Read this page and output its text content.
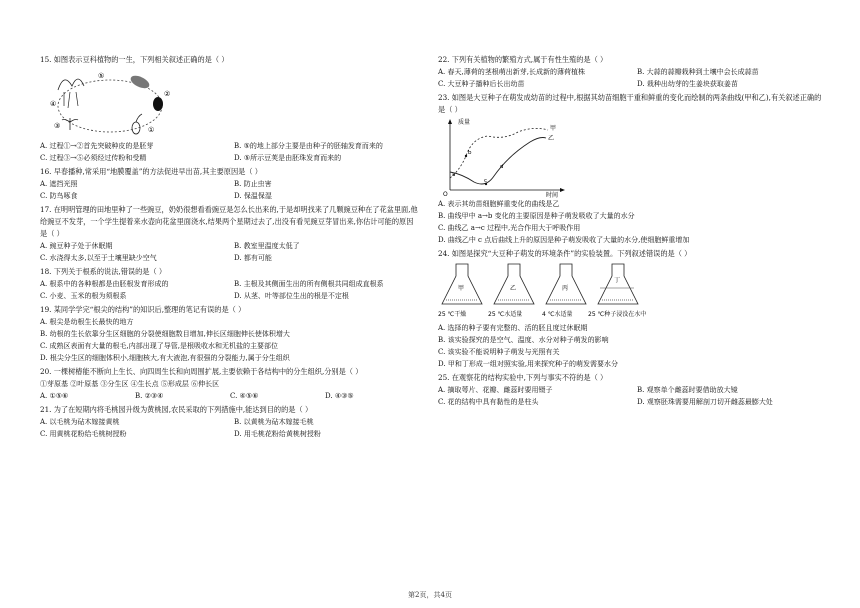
15. 如图表示豆科植物的一生，下列相关叙述正确的是（ ）

①
②
③
④
⑤
A. 过程①→②首先突破种皮的是胚芽	B. ⑤的地上部分主要是由种子的胚轴发育而来的
C. 过程③→⑤必须经过传粉和受精	D. ⑤所示豆荚是由胚珠发育而来的

16. 早春播种,常采用“地膜覆盖”的方法促进早出苗,其主要原因是（ ）

A. 遮挡光照	B. 防止虫害
C. 防鸟啄食	D. 保温保湿

17. 在明明管理的田地里种了一些豌豆，奶奶很想看看豌豆是怎么长出来的,于是却明找来了几颗豌豆种在了花盆里面,他给豌豆不发芽，一个学生提着来水壶向花盆里面浇水,结果两个星期过去了,出没有看见豌豆芽冒出来,你估计可能的原因是（ ）

A. 豌豆种子处于休眠期	B. 教室里温度太低了
C. 水浇得太多,以至于土壤里缺少空气	D. 都有可能

18. 下列关于根系的说法,错误的是（ ）

A. 根系中的各种根都是由胚根发育形成的	B. 主根及其侧面生出的所有侧根共同组成直根系
C. 小麦、玉米的根为须根系	D. 从茎、叶等部位生出的根是不定根

19. 某同学学完“根尖的结构”的知识后,整理的笔记有误的是（ ）

A. 根尖是幼根生长最快的地方
B. 幼根的生长依靠分生区细胞的分裂使细胞数目增加,伸长区细胞伸长使体积增大
C. 成熟区表面有大量的根毛,内部出现了导管,是根吸收水和无机盐的主要部位
D. 根尖分生区的细胞体积小,细胞核大,有大液泡,有很强的分裂能力,属于分生组织

20. 一棵树椿能不断向上生长、向四周生长和向周围扩展,主要依赖于各结构中的分生组织,分别是（ ）

①芽原基 ②叶原基 ③分生区 ④生长点 ⑤形成层 ⑥伸长区
A. ①⑤⑥	B. ②③④	C. ④⑤⑥	D. ④③⑤

21. 为了在短期内将毛桃园升级为黄桃园,农民采取的下列措施中,能达到目的的是（ ）

A. 以毛桃为砧木嫁接黄桃	B. 以黄桃为砧木嫁接毛桃
C. 用黄桃花粉给毛桃树授粉	D. 用毛桃花粉给黄桃树授粉

22. 下列有关植物的繁殖方式,属于有性生殖的是（ ）

A. 春天,薄荷的茎根萌出新芽,长成新的薄荷植株	B. 大蒜的蒜瓣栽种到土壤中会长成蒜苗
C. 大豆种子播种后长出幼苗	D. 栽种出幼芽的生姜块获取姜苗

23. 如图是大豆种子在萌发成幼苗的过程中,根据其幼苗细胞干重和鲜重的变化而绘制的两条曲线(甲和乙),有关叙述正确的是（ ）

质量
时间
甲
乙
a
b
c
d
O
A. 表示其幼苗细胞鲜重变化的曲线是乙
B. 曲线甲中 a→b 变化的主要原因是种子萌发吸收了大量的水分
C. 曲线乙 a→c 过程中,光合作用大于呼吸作用
D. 曲线乙中 c 点后曲线上升的原因是种子萌发吸收了大量的水分,使细胞鲜重增加

24. 如图是探究“大豆种子萌发的环境条件”的实验装置。下列叙述错误的是（ ）

甲
25 ℃干燥
乙
25 ℃水适量
丙
4 ℃水适量
丁
25 ℃种子浸没在水中
A. 选择的种子要有完整的、活的胚且度过休眠期
B. 该实验探究的是空气、温度、水分对种子萌发的影响
C. 该实验不能说明种子萌发与光照有关
D. 甲和丁形成一组对照实验,用来探究种子的萌发需要水分

25. 在观察花的结构实验中,下列与事实不符的是（ ）

A. 摘取萼片、花瓣、雌蕊时要用镊子	B. 观察单个雌蕊时要借助放大镜
C. 花的结构中具有黏性的是柱头	D. 观察胚珠需要用解剖刀切开雌蕊最膨大处
第2页，共4页
